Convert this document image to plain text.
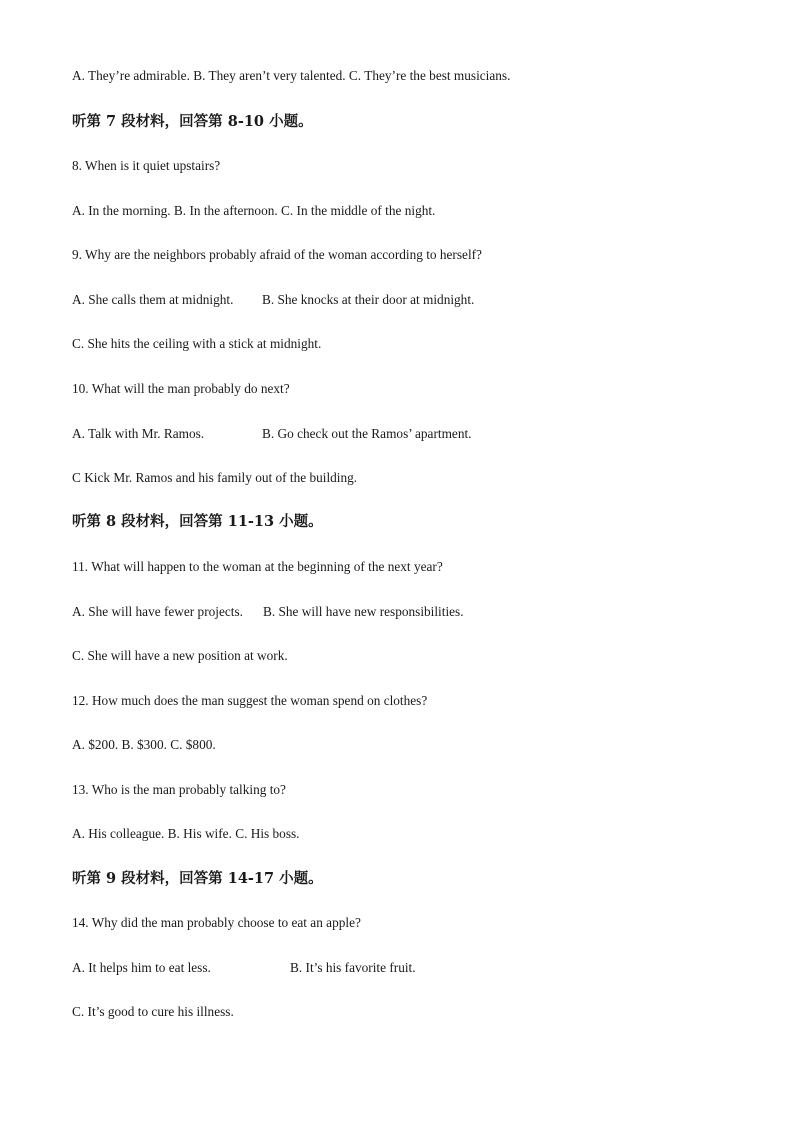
A. They’re admirable. B. They aren’t very talented. C. They’re the best musicians.
听第 7 段材料，回答第 8-10 小题。
8. When is it quiet upstairs?
A. In the morning. B. In the afternoon. C. In the middle of the night.
9. Why are the neighbors probably afraid of the woman according to herself?
A. She calls them at midnight. B. She knocks at their door at midnight.
C. She hits the ceiling with a stick at midnight.
10. What will the man probably do next?
A. Talk with Mr. Ramos.	B. Go check out the Ramos’ apartment.
C Kick Mr. Ramos and his family out of the building.
听第 8 段材料，回答第 11-13 小题。
11. What will happen to the woman at the beginning of the next year?
A. She will have fewer projects. B. She will have new responsibilities.
C. She will have a new position at work.
12. How much does the man suggest the woman spend on clothes?
A. $200. B. $300. C. $800.
13. Who is the man probably talking to?
A. His colleague. B. His wife. C. His boss.
听第 9 段材料，回答第 14-17 小题。
14. Why did the man probably choose to eat an apple?
A. It helps him to eat less.	B. It’s his favorite fruit.
C. It’s good to cure his illness.
